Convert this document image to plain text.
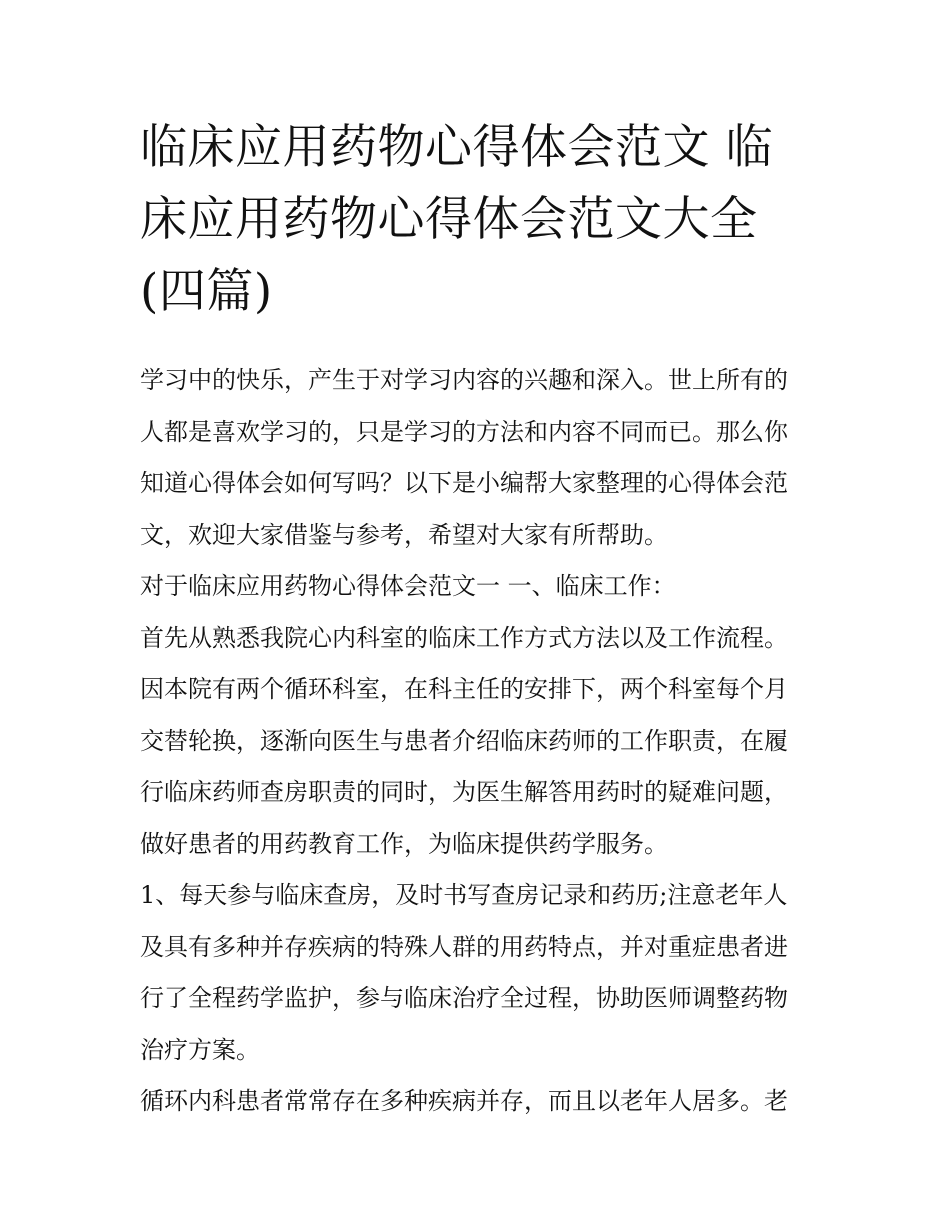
临床应用药物心得体会范文 临
床应用药物心得体会范文大全
(四篇)

学习中的快乐，产生于对学习内容的兴趣和深入。世上所有的
人都是喜欢学习的，只是学习的方法和内容不同而已。那么你
知道心得体会如何写吗？以下是小编帮大家整理的心得体会范
文，欢迎大家借鉴与参考，希望对大家有所帮助。

对于临床应用药物心得体会范文一 一、临床工作：

首先从熟悉我院心内科室的临床工作方式方法以及工作流程。
因本院有两个循环科室，在科主任的安排下，两个科室每个月
交替轮换，逐渐向医生与患者介绍临床药师的工作职责，在履
行临床药师查房职责的同时，为医生解答用药时的疑难问题，
做好患者的用药教育工作，为临床提供药学服务。

1、每天参与临床查房，及时书写查房记录和药历;注意老年人
及具有多种并存疾病的特殊人群的用药特点，并对重症患者进
行了全程药学监护，参与临床治疗全过程，协助医师调整药物
治疗方案。

循环内科患者常常存在多种疾病并存，而且以老年人居多。老
